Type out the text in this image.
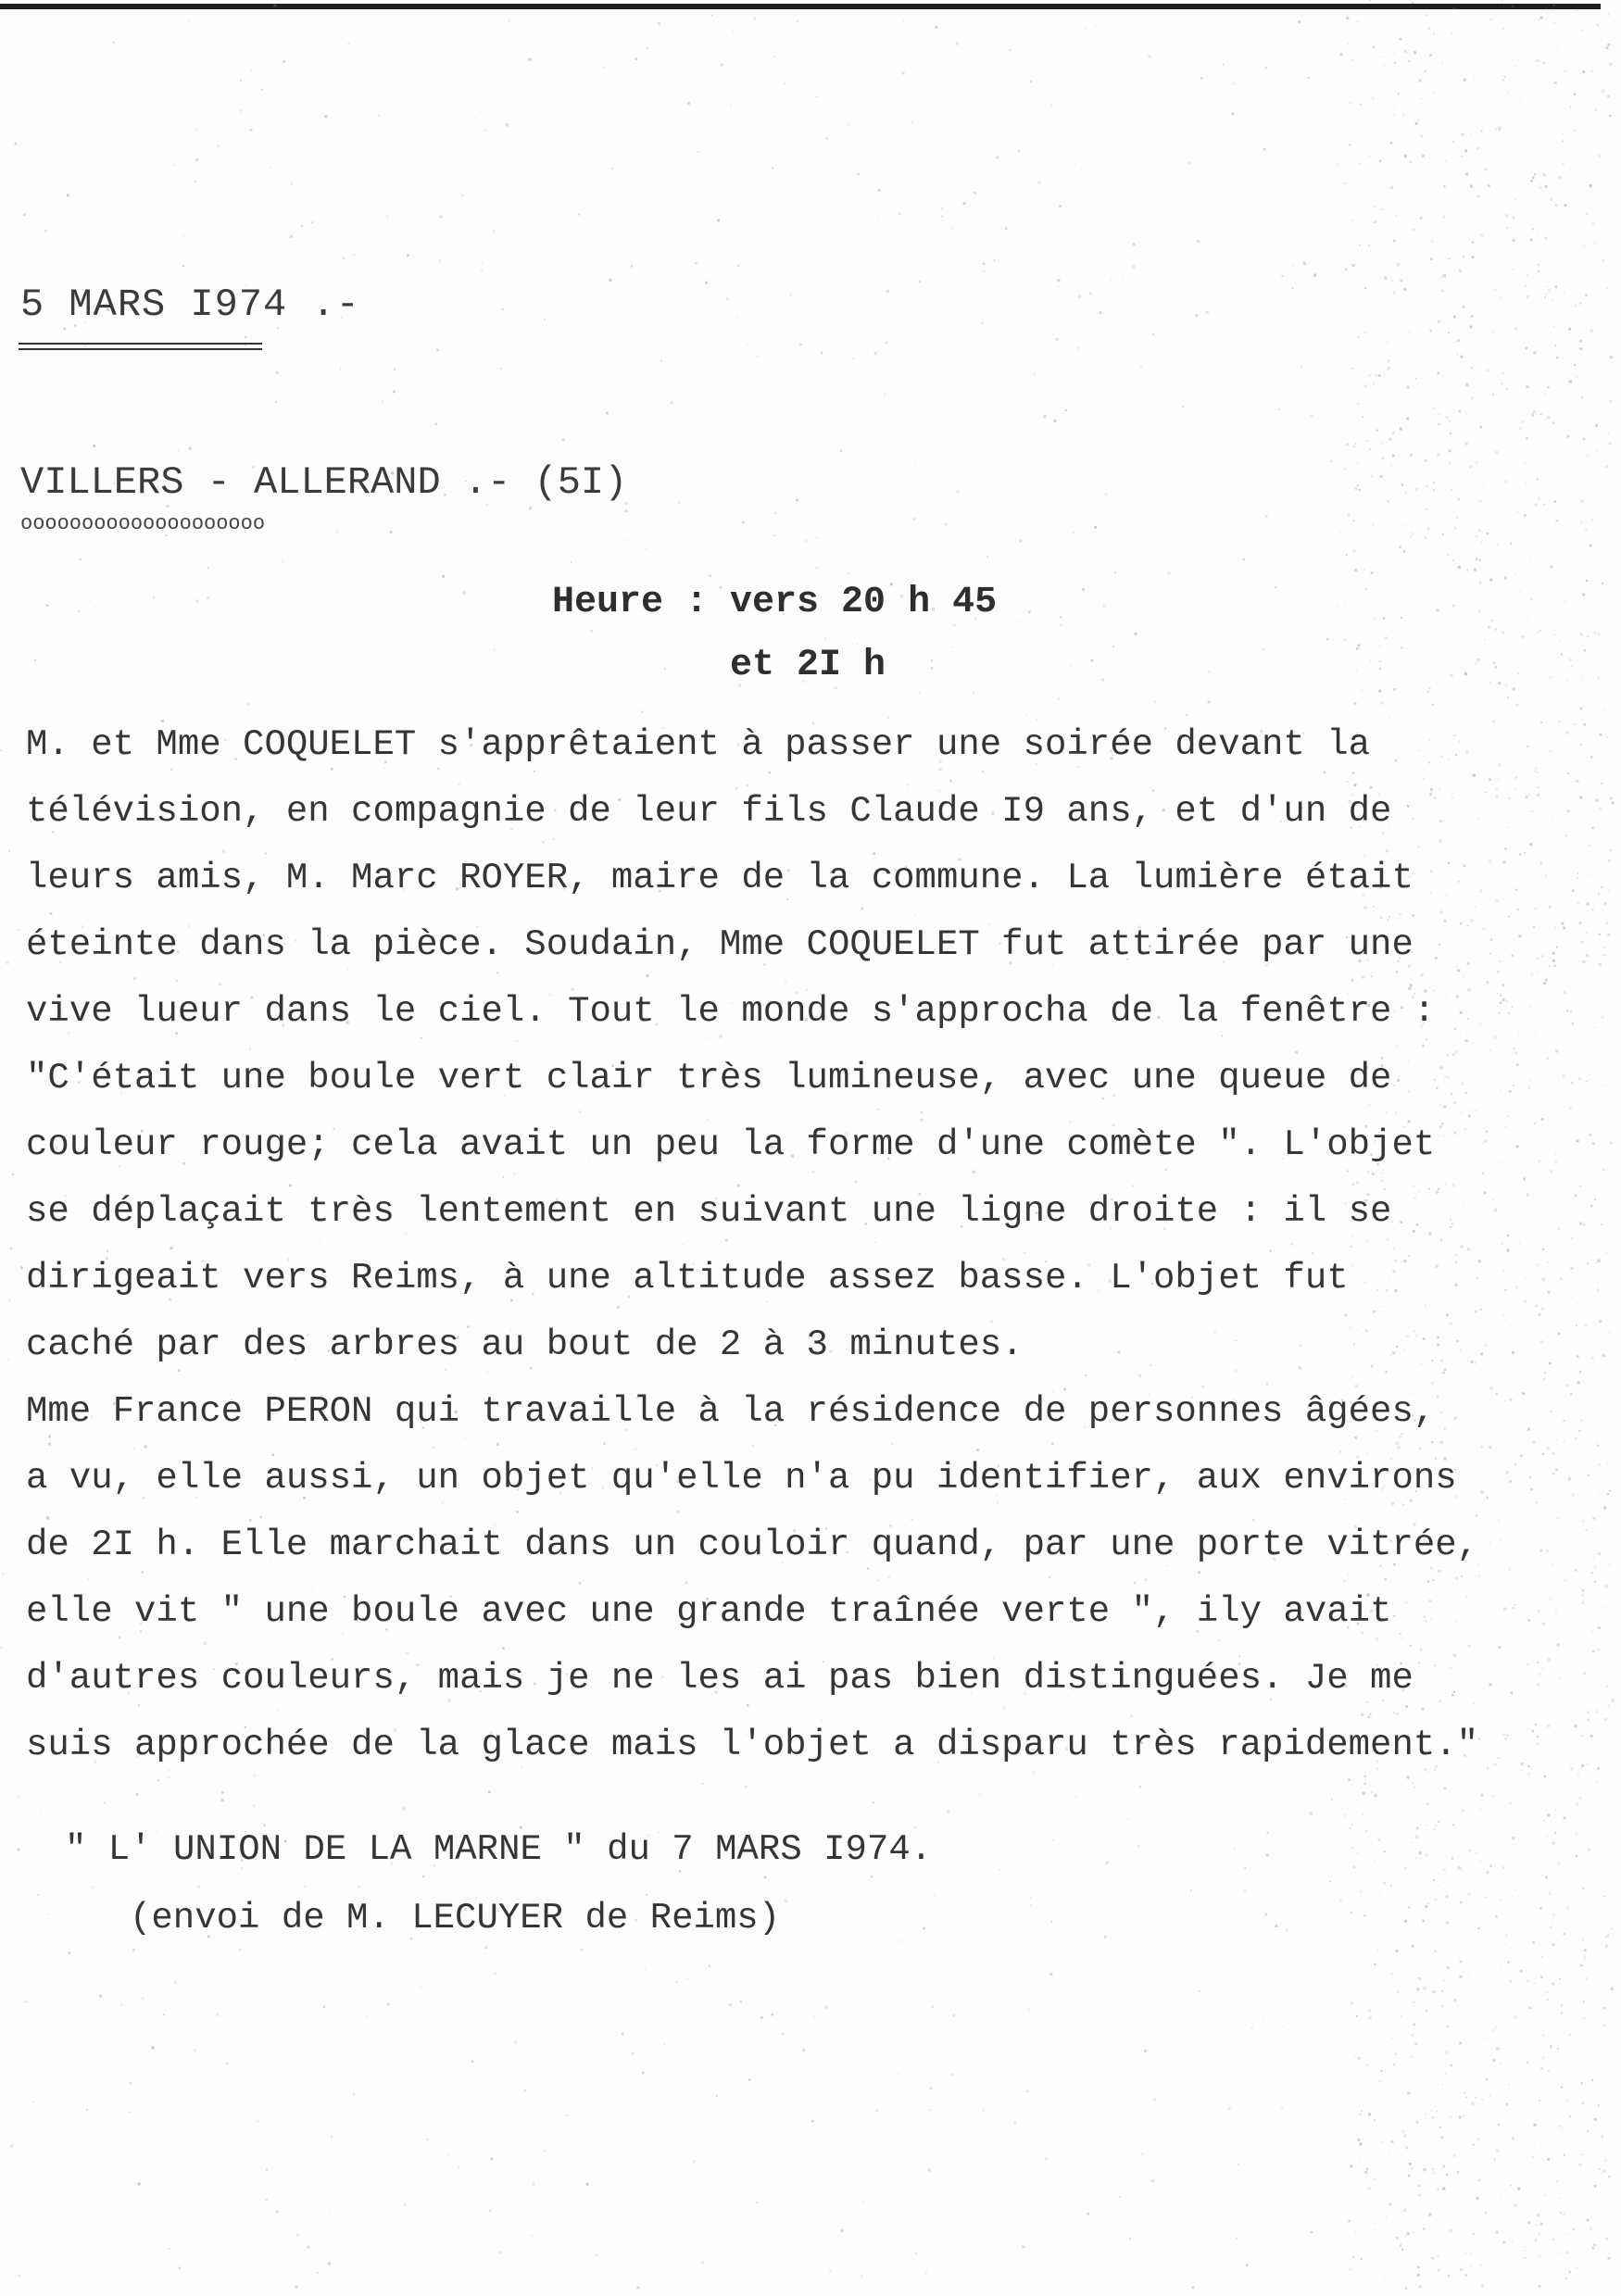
5 MARS I974 .-
VILLERS - ALLERAND .- (5I)
oooooooooooooooooooo
Heure : vers 20 h 45
et 2I h
M. et Mme COQUELET s'apprêtaient à passer une soirée devant la
télévision, en compagnie de leur fils Claude I9 ans, et d'un de
leurs amis, M. Marc ROYER, maire de la commune. La lumière était
éteinte dans la pièce. Soudain, Mme COQUELET fut attirée par une
vive lueur dans le ciel. Tout le monde s'approcha de la fenêtre :
"C'était une boule vert clair très lumineuse, avec une queue de
couleur rouge; cela avait un peu la forme d'une comète ". L'objet
se déplaçait très lentement en suivant une ligne droite : il se
dirigeait vers Reims, à une altitude assez basse. L'objet fut
caché par des arbres au bout de 2 à 3 minutes.
Mme France PERON qui travaille à la résidence de personnes âgées,
a vu, elle aussi, un objet qu'elle n'a pu identifier, aux environs
de 2I h. Elle marchait dans un couloir quand, par une porte vitrée,
elle vit " une boule avec une grande traînée verte ", ily avait
d'autres couleurs, mais je ne les ai pas bien distinguées. Je me
suis approchée de la glace mais l'objet a disparu très rapidement."
" L' UNION DE LA MARNE " du 7 MARS I974.
(envoi de M. LECUYER de Reims)
